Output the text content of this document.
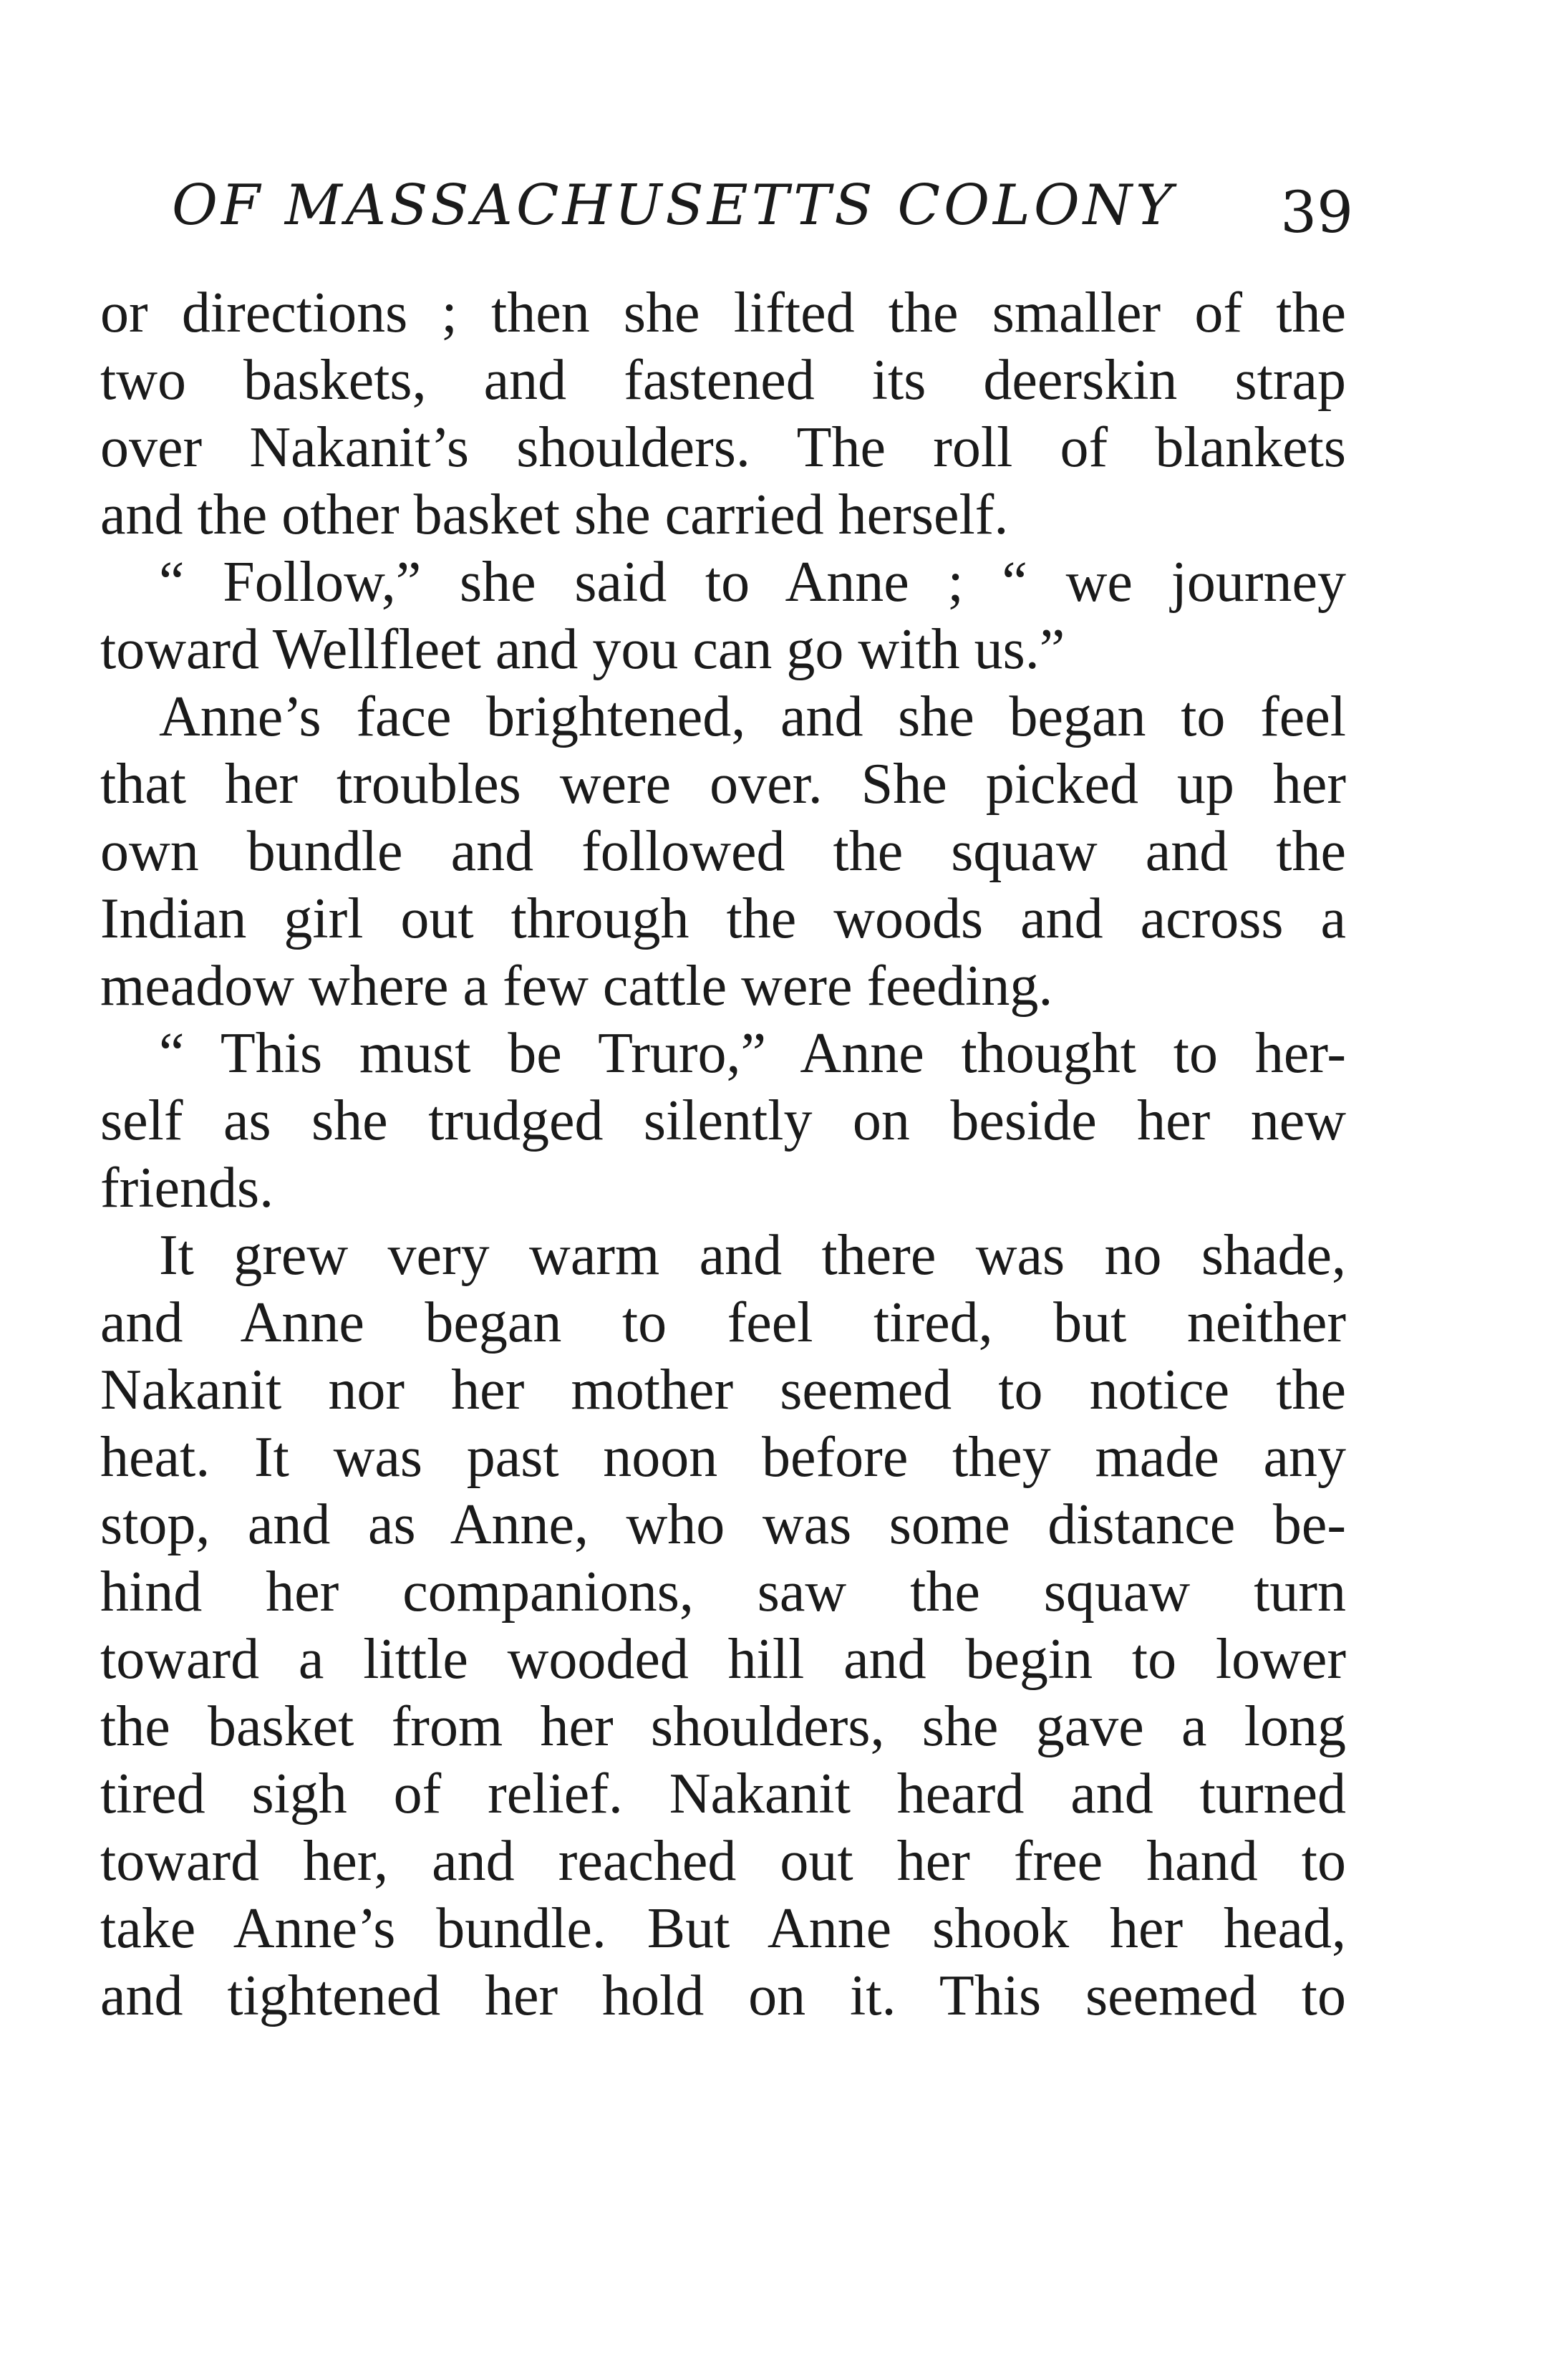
OF MASSACHUSETTS COLONY 39
or directions ; then she lifted the smaller of the
two baskets, and fastened its deerskin strap
over Nakanit’s shoulders. The roll of blankets
and the other basket she carried herself.
“ Follow,” she said to Anne ; “ we journey
toward Wellfleet and you can go with us.”
Anne’s face brightened, and she began to feel
that her troubles were over. She picked up her
own bundle and followed the squaw and the
Indian girl out through the woods and across a
meadow where a few cattle were feeding.
“ This must be Truro,” Anne thought to her-
self as she trudged silently on beside her new
friends.
It grew very warm and there was no shade,
and Anne began to feel tired, but neither
Nakanit nor her mother seemed to notice the
heat. It was past noon before they made any
stop, and as Anne, who was some distance be-
hind her companions, saw the squaw turn
toward a little wooded hill and begin to lower
the basket from her shoulders, she gave a long
tired sigh of relief. Nakanit heard and turned
toward her, and reached out her free hand to
take Anne’s bundle. But Anne shook her head,
and tightened her hold on it. This seemed to
